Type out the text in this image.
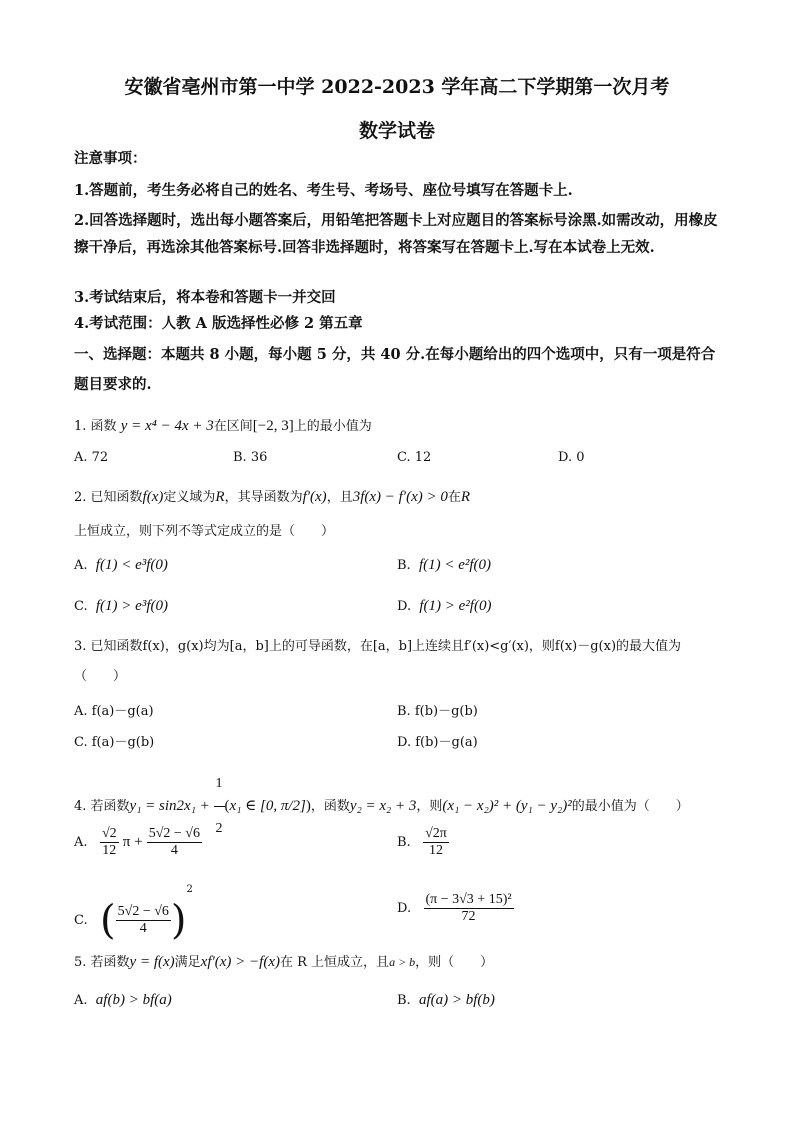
安徽省亳州市第一中学 2022-2023 学年高二下学期第一次月考
数学试卷
注意事项：
1.答题前，考生务必将自己的姓名、考生号、考场号、座位号填写在答题卡上.
2.回答选择题时，选出每小题答案后，用铅笔把答题卡上对应题目的答案标号涂黑.如需改动，用橡皮擦干净后，再选涂其他答案标号.回答非选择题时，将答案写在答题卡上.写在本试卷上无效.
3.考试结束后，将本卷和答题卡一并交回
4.考试范围：人教 A 版选择性必修 2 第五章
一、选择题：本题共 8 小题，每小题 5 分，共 40 分.在每小题给出的四个选项中，只有一项是符合题目要求的.
1. 函数 y = x⁴ − 4x + 3在区间[−2, 3]上的最小值为
A. 72	B. 36	C. 12	D. 0
2. 已知函数f(x)定义域为R，其导函数为f′(x)，且3f(x) − f′(x) > 0在R上恒成立，则下列不等式定成立的是（　　）
A. f(1) < e³f(0)	B. f(1) < e²f(0)
C. f(1) > e³f(0)	D. f(1) > e²f(0)
3. 已知函数f(x)，g(x)均为[a，b]上的可导函数，在[a，b]上连续且f′(x)<g′(x)，则f(x)－g(x)的最大值为（　　）
A. f(a)－g(a)	B. f(b)－g(b)
C. f(a)－g(b)	D. f(b)－g(a)
4. 若函数$y_1 = \sin 2x_1 + \frac{1}{2} (x_1$ ∈ [0, π/2])，函数y₂ = x₂ + 3，则(x₁ − x₂)² + (y₁ − y₂)²的最小值为（　　）
A. $\frac{√2}{12}$ $\pi + \frac{5√2 - √6}{4}$	B. $\frac{√2\pi}{12}$
C. ( $\frac{5√2 - √6}{4} )^2$
D. $\frac{\text{(π − 3√3 + 15)²}}{72}$
5. 若函数y = f(x)满足xf′(x) > −f(x)在 R 上恒成立，且a > b，则（　　）
A. af(b) > bf(a)	B. af(a) > bf(b)
